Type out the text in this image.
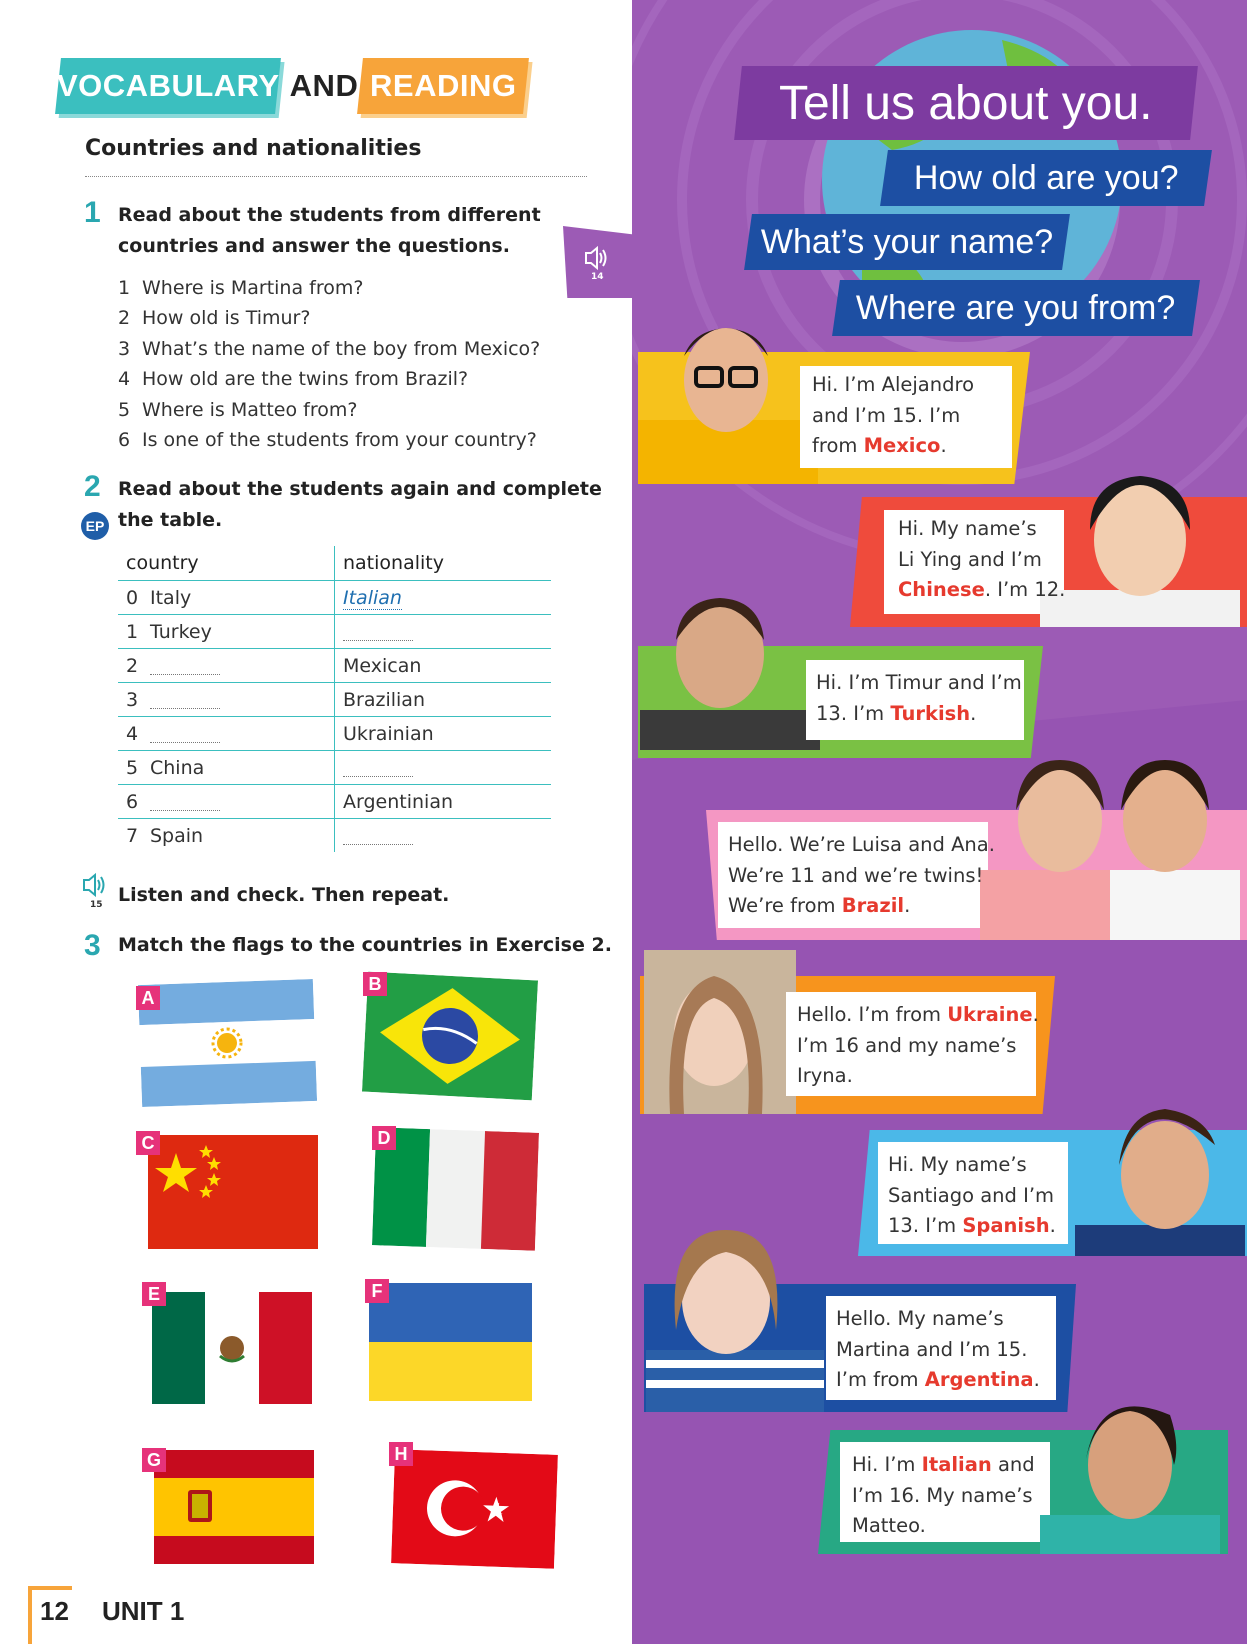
VOCABULARY AND READING
Countries and nationalities
1 Read about the students from different
countries and answer the questions.
1 Where is Martina from?
2 How old is Timur?
3 What’s the name of the boy from Mexico?
4 How old are the twins from Brazil?
5 Where is Matteo from?
6 Is one of the students from your country?
2 Read about the students again and complete
the table.
EP
country	nationality
0 Italy	Italian
1 Turkey	
2	Mexican
3	Brazilian
4	Ukrainian
5 China	
6	Argentinian
7 Spain	
15 Listen and check. Then repeat.
3 Match the flags to the countries in Exercise 2.
A
B
C	D
E	F
G	H
12 UNIT 1
14
Tell us about you.
How old are you?
What’s your name?
Where are you from?
Hi. I’m Alejandro
and I’m 15. I’m
from Mexico.
Hi. My name’s
Li Ying and I’m
Chinese. I’m 12.
Hi. I’m Timur and I’m
13. I’m Turkish.
Hello. We’re Luisa and Ana.
We’re 11 and we’re twins!
We’re from Brazil.
Hello. I’m from Ukraine.
I’m 16 and my name’s
Iryna.
Hi. My name’s
Santiago and I’m
13. I’m Spanish.
Hello. My name’s
Martina and I’m 15.
I’m from Argentina.
Hi. I’m Italian and
I’m 16. My name’s
Matteo.
